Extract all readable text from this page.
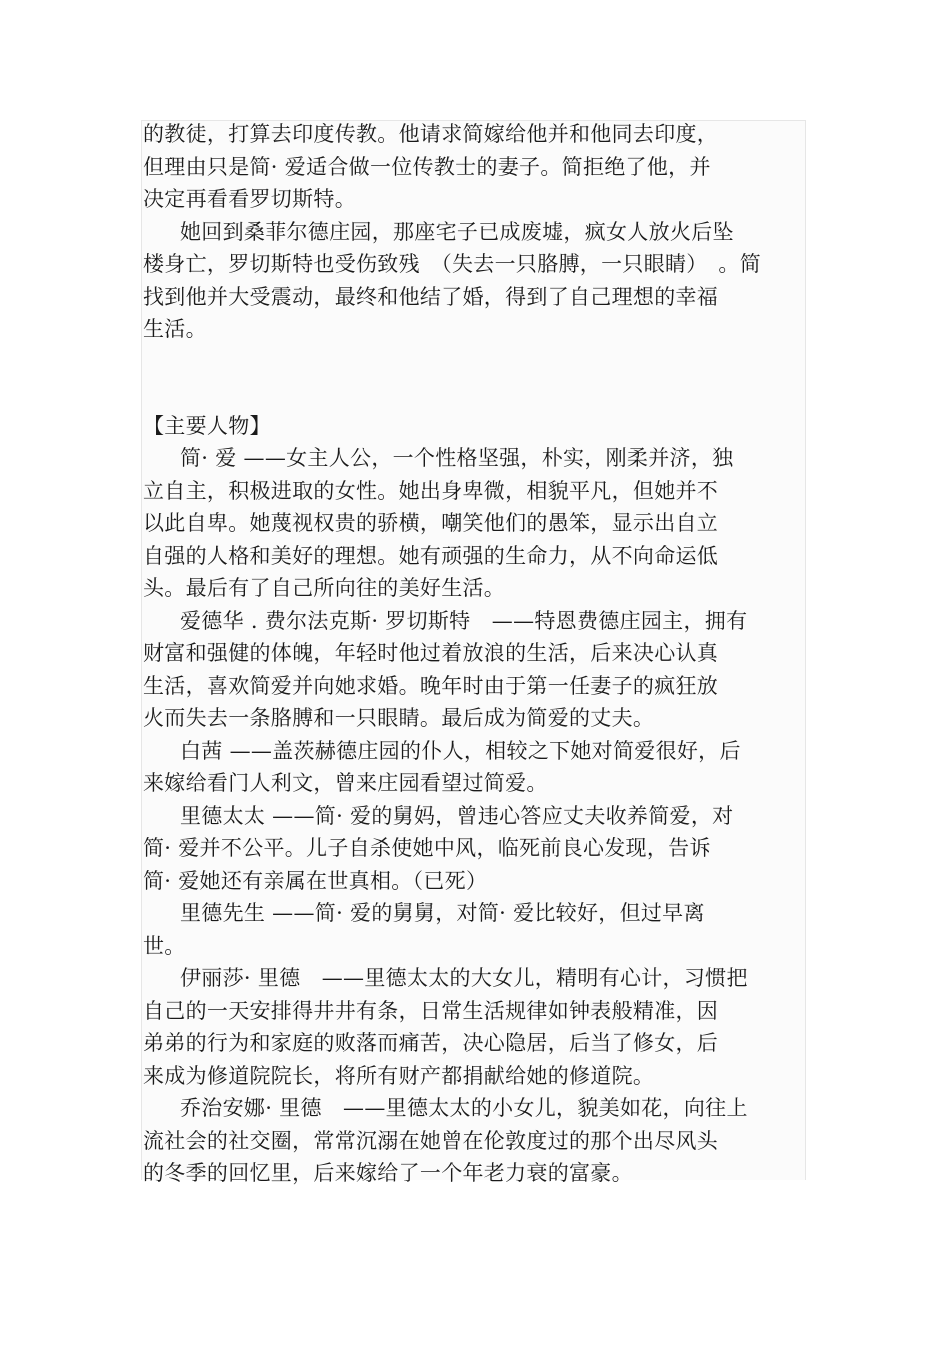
的教徒，打算去印度传教。他请求简嫁给他并和他同去印度，
但理由只是简· 爱适合做一位传教士的妻子。简拒绝了他，并
决定再看看罗切斯特。
她回到桑菲尔德庄园，那座宅子已成废墟，疯女人放火后坠
楼身亡，罗切斯特也受伤致残　（失去一只胳膊，一只眼睛）　。简
找到他并大受震动，最终和他结了婚，得到了自己理想的幸福
生活。
【主要人物】
简· 爱 ——女主人公，一个性格坚强，朴实，刚柔并济，独
立自主，积极进取的女性。她出身卑微，相貌平凡，但她并不
以此自卑。她蔑视权贵的骄横，嘲笑他们的愚笨，显示出自立
自强的人格和美好的理想。她有顽强的生命力，从不向命运低
头。最后有了自己所向往的美好生活。
爱德华 . 费尔法克斯· 罗切斯特　——特恩费德庄园主，拥有
财富和强健的体魄，年轻时他过着放浪的生活，后来决心认真
生活，喜欢简爱并向她求婚。晚年时由于第一任妻子的疯狂放
火而失去一条胳膊和一只眼睛。最后成为简爱的丈夫。
白茜 ——盖茨赫德庄园的仆人，相较之下她对简爱很好，后
来嫁给看门人利文，曾来庄园看望过简爱。
里德太太 ——简· 爱的舅妈，曾违心答应丈夫收养简爱，对
简· 爱并不公平。儿子自杀使她中风，临死前良心发现，告诉
简· 爱她还有亲属在世真相。（已死）
里德先生 ——简· 爱的舅舅，对简· 爱比较好，但过早离
世。
伊丽莎· 里德　——里德太太的大女儿，精明有心计，习惯把
自己的一天安排得井井有条，日常生活规律如钟表般精准，因
弟弟的行为和家庭的败落而痛苦，决心隐居，后当了修女，后
来成为修道院院长，将所有财产都捐献给她的修道院。
乔治安娜· 里德　——里德太太的小女儿，貌美如花，向往上
流社会的社交圈，常常沉溺在她曾在伦敦度过的那个出尽风头
的冬季的回忆里，后来嫁给了一个年老力衰的富豪。
